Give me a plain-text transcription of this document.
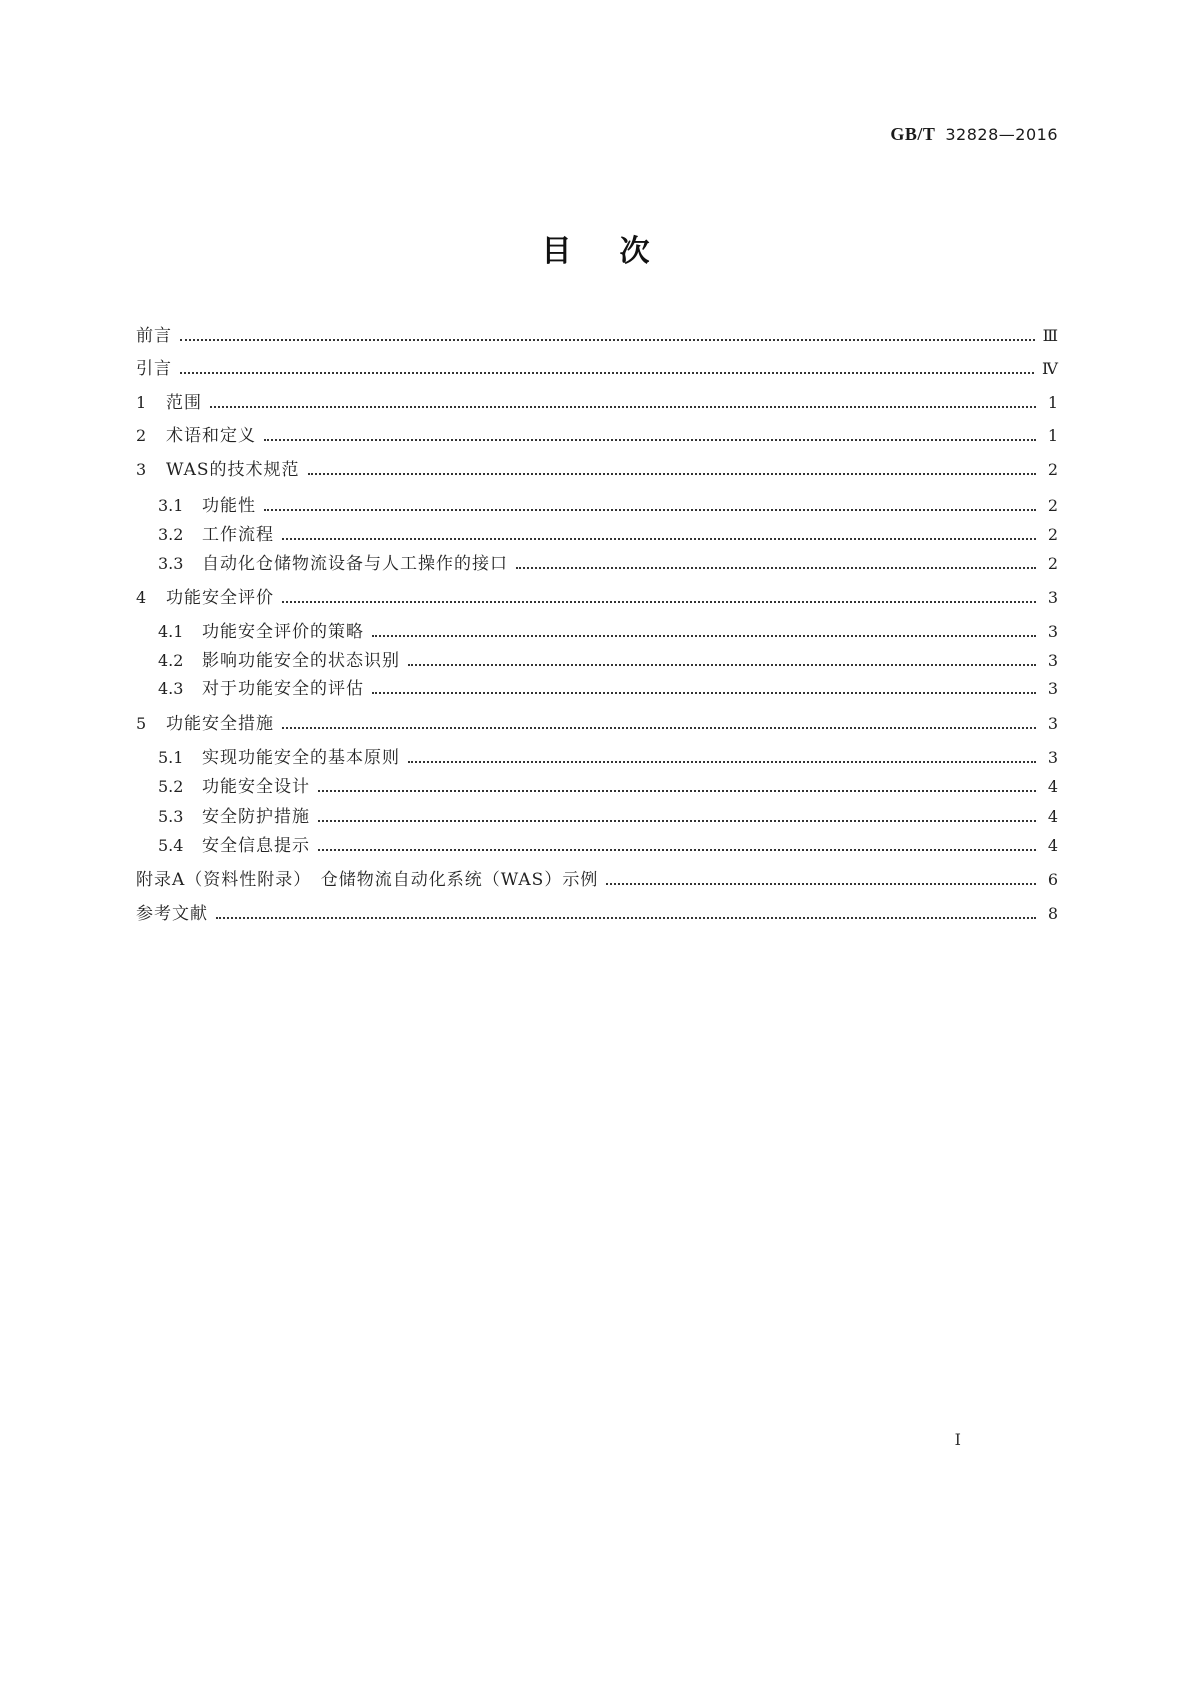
GB/T 32828—2016
目次
前言	Ⅲ
引言	Ⅳ
1 范围	1
2 术语和定义	1
3 WAS的技术规范	2
3.1 功能性	2
3.2 工作流程	2
3.3 自动化仓储物流设备与人工操作的接口	2
4 功能安全评价	3
4.1 功能安全评价的策略	3
4.2 影响功能安全的状态识别	3
4.3 对于功能安全的评估	3
5 功能安全措施	3
5.1 实现功能安全的基本原则	3
5.2 功能安全设计	4
5.3 安全防护措施	4
5.4 安全信息提示	4
附录A（资料性附录）　仓储物流自动化系统（WAS）示例	6
参考文献	8
Ⅰ
